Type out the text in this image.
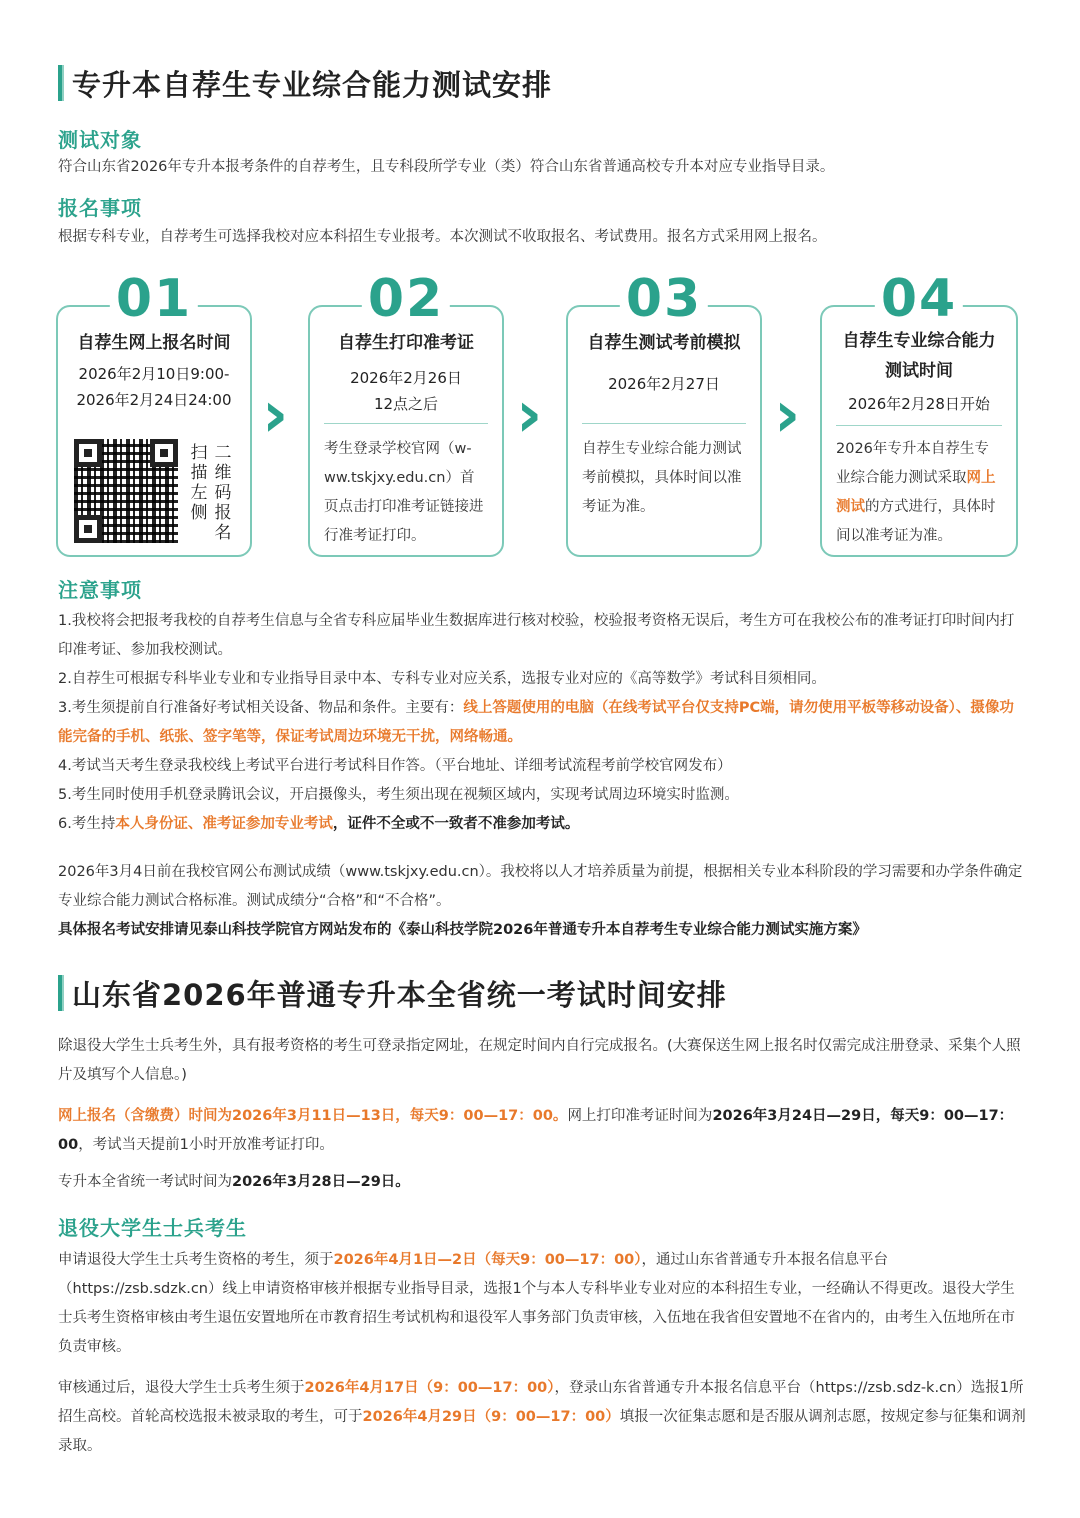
专升本自荐生专业综合能力测试安排
测试对象
符合山东省2026年专升本报考条件的自荐考生，且专科段所学专业（类）符合山东省普通高校专升本对应专业指导目录。
报名事项
根据专科专业，自荐考生可选择我校对应本科招生专业报考。本次测试不收取报名、考试费用。报名方式采用网上报名。
01
自荐生网上报名时间
2026年2月10日9:00-
2026年2月24日24:00
扫描左侧
二维码报名
›
02
自荐生打印准考证
2026年2月26日
12点之后
考生登录学校官网（w-ww.tskjxy.edu.cn）首页点击打印准考证链接进行准考证打印。
›
03
自荐生测试考前模拟
2026年2月27日
自荐生专业综合能力测试考前模拟，具体时间以准考证为准。
›
04
自荐生专业综合能力
测试时间
2026年2月28日开始
2026年专升本自荐生专业综合能力测试采取网上测试的方式进行，具体时间以准考证为准。
注意事项
1.我校将会把报考我校的自荐考生信息与全省专科应届毕业生数据库进行核对校验，校验报考资格无误后，考生方可在我校公布的准考证打印时间内打印准考证、参加我校测试。
2.自荐生可根据专科毕业专业和专业指导目录中本、专科专业对应关系，选报专业对应的《高等数学》考试科目须相同。
3.考生须提前自行准备好考试相关设备、物品和条件。主要有：线上答题使用的电脑（在线考试平台仅支持PC端，请勿使用平板等移动设备）、摄像功能完备的手机、纸张、签字笔等，保证考试周边环境无干扰，网络畅通。
4.考试当天考生登录我校线上考试平台进行考试科目作答。（平台地址、详细考试流程考前学校官网发布）
5.考生同时使用手机登录腾讯会议，开启摄像头，考生须出现在视频区域内，实现考试周边环境实时监测。
6.考生持本人身份证、准考证参加专业考试，证件不全或不一致者不准参加考试。
2026年3月4日前在我校官网公布测试成绩（www.tskjxy.edu.cn）。我校将以人才培养质量为前提，根据相关专业本科阶段的学习需要和办学条件确定专业综合能力测试合格标准。测试成绩分“合格”和“不合格”。
具体报名考试安排请见泰山科技学院官方网站发布的《泰山科技学院2026年普通专升本自荐考生专业综合能力测试实施方案》
山东省2026年普通专升本全省统一考试时间安排
除退役大学生士兵考生外，具有报考资格的考生可登录指定网址，在规定时间内自行完成报名。(大赛保送生网上报名时仅需完成注册登录、采集个人照片及填写个人信息。)
网上报名（含缴费）时间为2026年3月11日—13日，每天9：00—17：00。网上打印准考证时间为2026年3月24日—29日，每天9：00—17：00，考试当天提前1小时开放准考证打印。
专升本全省统一考试时间为2026年3月28日—29日。
退役大学生士兵考生
申请退役大学生士兵考生资格的考生，须于2026年4月1日—2日（每天9：00—17：00），通过山东省普通专升本报名信息平台（https://zsb.sdzk.cn）线上申请资格审核并根据专业指导目录，选报1个与本人专科毕业专业对应的本科招生专业，一经确认不得更改。退役大学生士兵考生资格审核由考生退伍安置地所在市教育招生考试机构和退役军人事务部门负责审核，入伍地在我省但安置地不在省内的，由考生入伍地所在市负责审核。
审核通过后，退役大学生士兵考生须于2026年4月17日（9：00—17：00），登录山东省普通专升本报名信息平台（https://zsb.sdz-k.cn）选报1所招生高校。首轮高校选报未被录取的考生，可于2026年4月29日（9：00—17：00）填报一次征集志愿和是否服从调剂志愿，按规定参与征集和调剂录取。
